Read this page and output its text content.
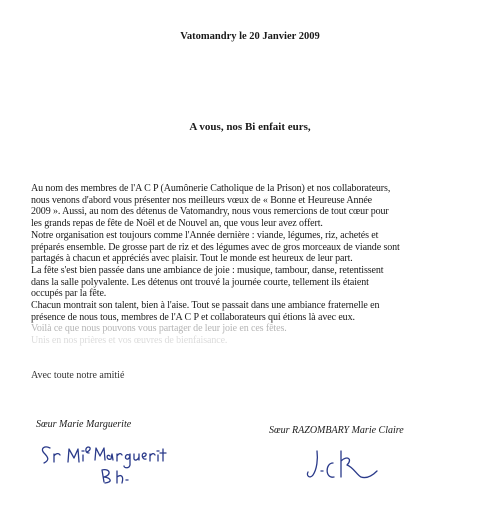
Vatomandry le 20 Janvier 2009
A vous, nos Bi enfait eurs,
Au nom des membres de l'A C P (Aumônerie Catholique de la Prison) et nos collaborateurs,
nous venons d'abord vous présenter nos meilleurs vœux de « Bonne et Heureuse Année
2009 ». Aussi, au nom des détenus de Vatomandry, nous vous remercions de tout cœur pour
les grands repas de fête de Noël et de Nouvel an, que vous leur avez offert.
Notre organisation est toujours comme l'Année dernière : viande, légumes, riz, achetés et
préparés ensemble. De grosse part de riz et des légumes avec de gros morceaux de viande sont
partagés à chacun et appréciés avec plaisir. Tout le monde est heureux de leur part.
La fête s'est bien passée dans une ambiance de joie : musique, tambour, danse, retentissent
dans la salle polyvalente. Les détenus ont trouvé la journée courte, tellement ils étaient
occupés par la fête.
Chacun montrait son talent, bien à l'aise. Tout se passait dans une ambiance fraternelle en
présence de nous tous, membres de l'A C P et collaborateurs qui étions là avec eux.
Voilà ce que nous pouvons vous partager de leur joie en ces fêtes.
Unis en nos prières et vos œuvres de bienfaisance.
Avec toute notre amitié
Sœur Marie Marguerite
Sœur RAZOMBARY Marie Claire
